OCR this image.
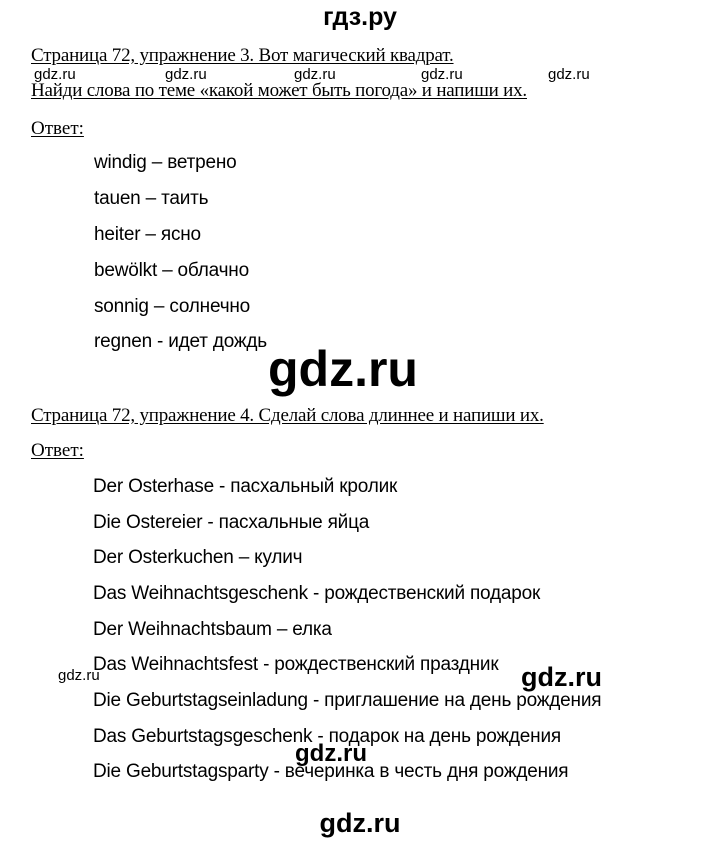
гдз.ру
Страница 72, упражнение 3. Вот магический квадрат.
gdz.ru	gdz.ru	gdz.ru	gdz.ru	gdz.ru
Найди слова по теме «какой может быть погода» и напиши их.
Ответ:
windig – ветрено
tauen – таить
heiter – ясно
bewölkt – облачно
sonnig – солнечно
regnen - идет дождь gdz.ru
Страница 72, упражнение 4. Сделай слова длиннее и напиши их.
Ответ:
Der Osterhase - пасхальный кролик
Die Ostereier - пасхальные яйца
Der Osterkuchen – кулич
Das Weihnachtsgeschenk - рождественский подарок
Der Weihnachtsbaum – елка
Das Weihnachtsfest - рождественский праздник
Die Geburtstagseinladung - приглашение на день рождения
Das Geburtstagsgeschenk - подарок на день рождения
Die Geburtstagsparty - вечеринка в честь дня рождения
gdz.ru	gdz.ru
gdz.ru
gdz.ru
